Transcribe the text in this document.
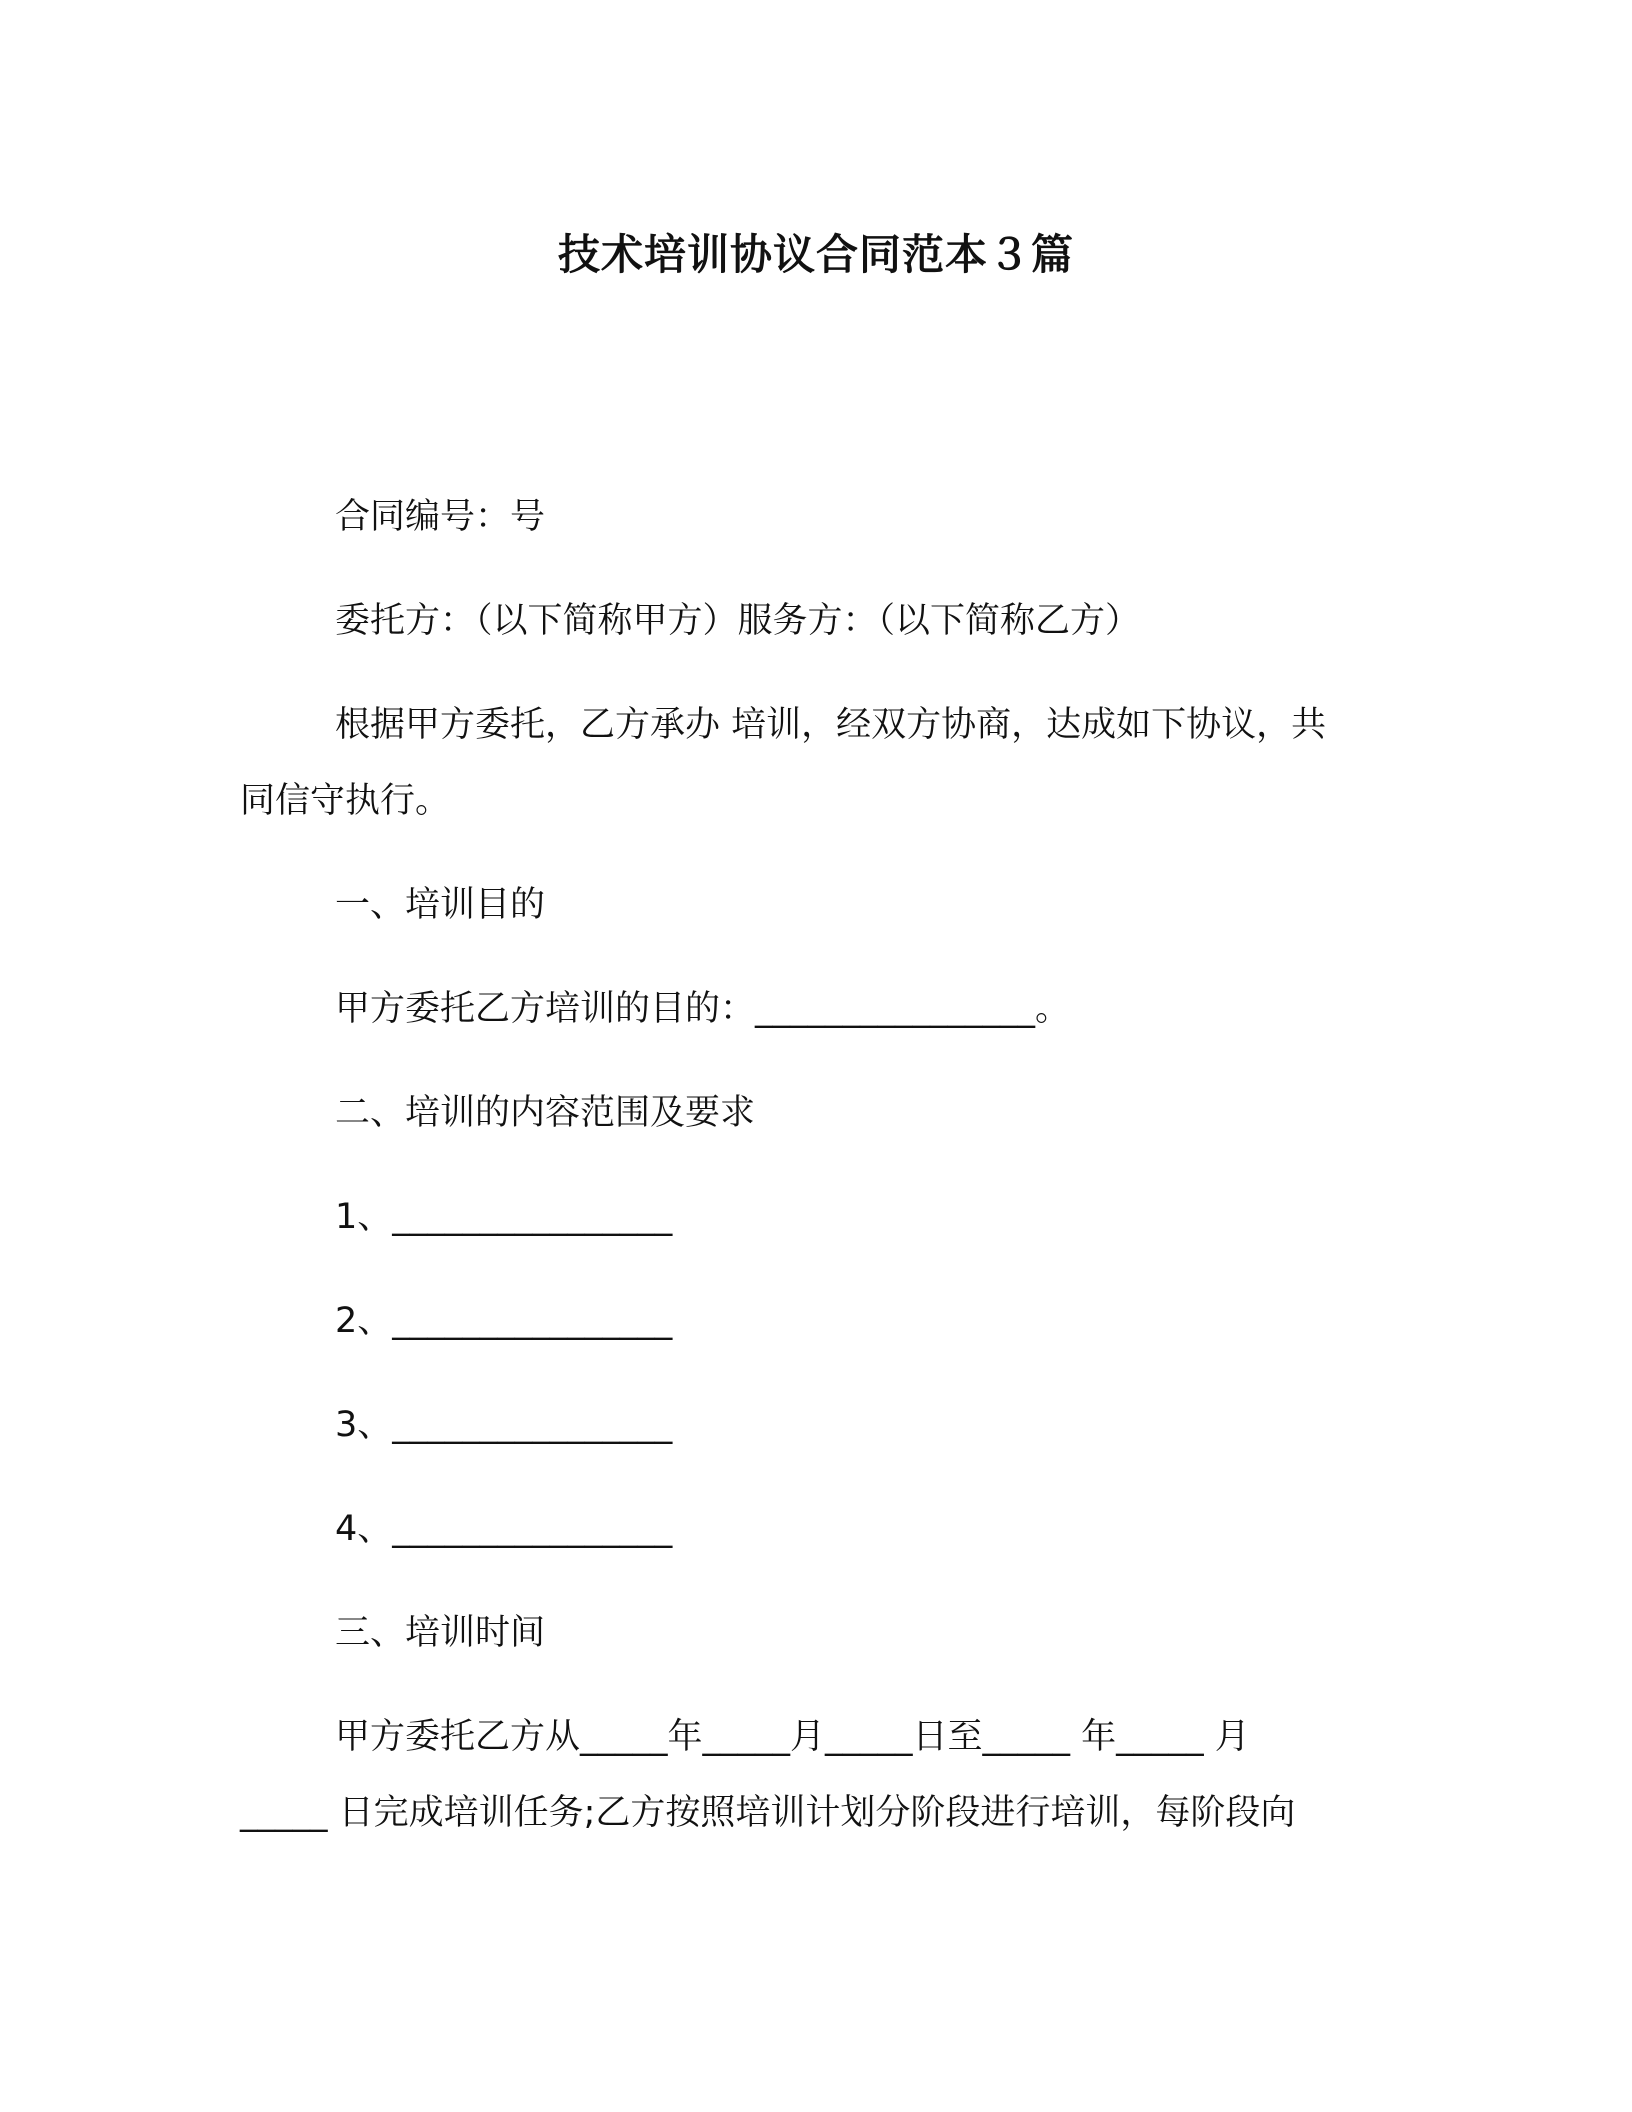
技术培训协议合同范本３篇
合同编号：号
委托方：（以下简称甲方）服务方：（以下简称乙方）
根据甲方委托，乙方承办 培训，经双方协商，达成如下协议，共
同信守执行。
一、培训目的
甲方委托乙方培训的目的：________________。
二、培训的内容范围及要求
1、________________
2、________________
3、________________
4、________________
三、培训时间
甲方委托乙方从_____年_____月_____日至_____ 年_____ 月
_____ 日完成培训任务;乙方按照培训计划分阶段进行培训，每阶段向
